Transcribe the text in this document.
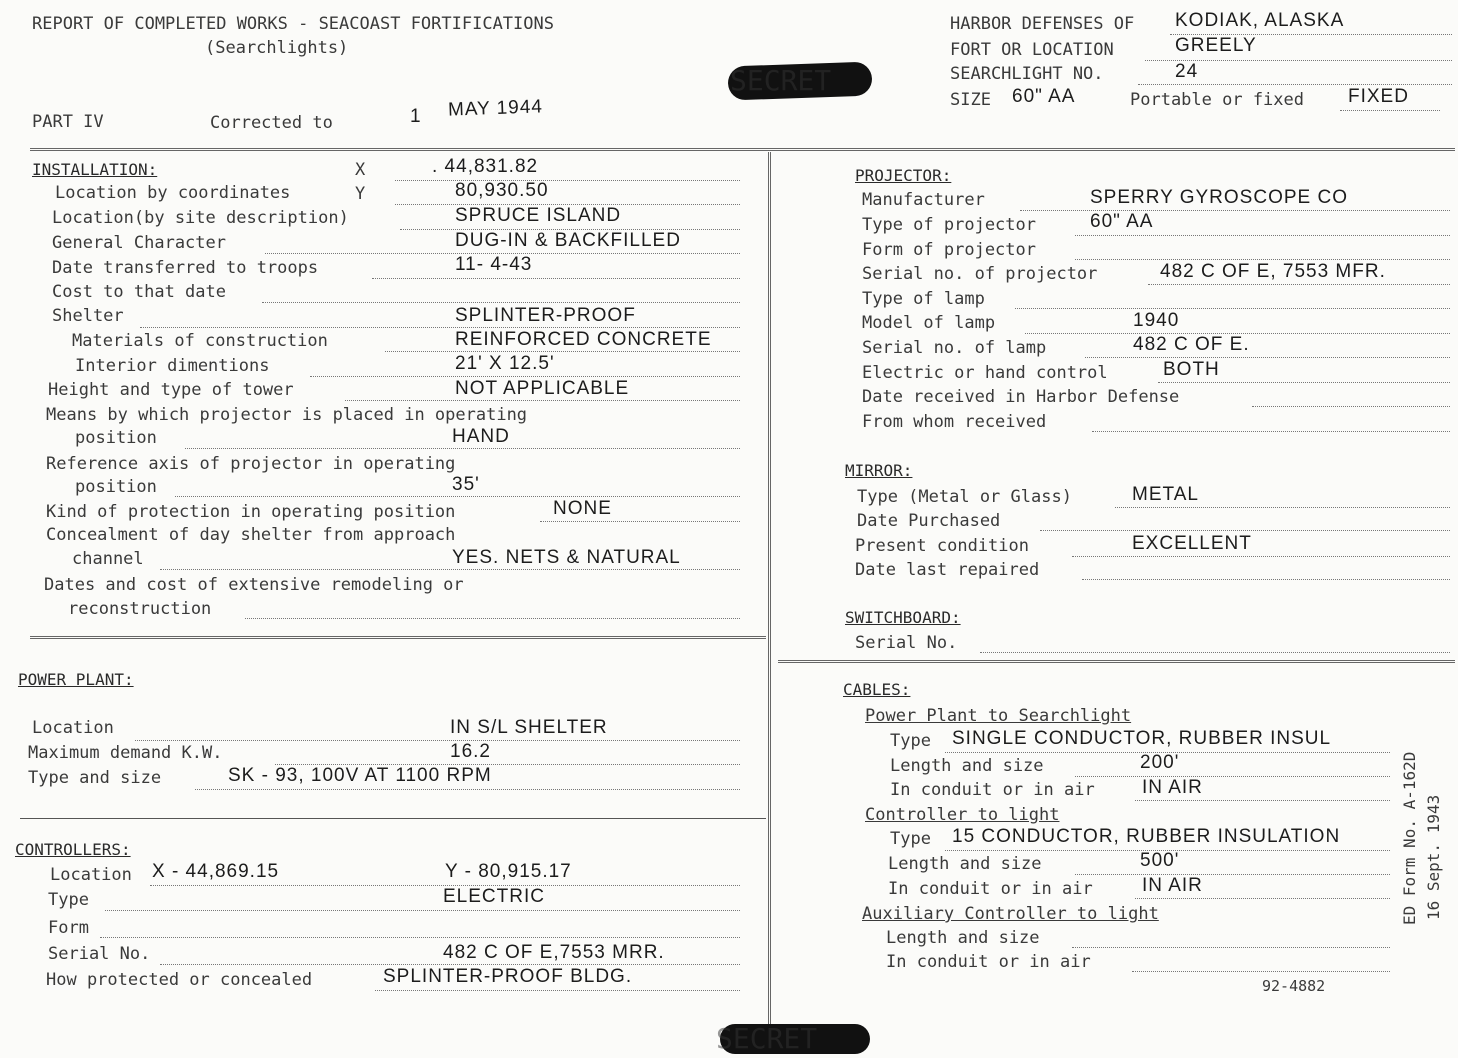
REPORT OF COMPLETED WORKS - SEACOAST FORTIFICATIONS
(Searchlights)
PART IV	Corrected to	1 MAY 1944
SECRET
HARBOR DEFENSES OF KODIAK, ALASKA
FORT OR LOCATION	GREELY
SEARCHLIGHT NO.	24
SIZE 60" AA	Portable or fixed FIXED
INSTALLATION:	X	. 44,831.82
Location by coordinates	Y	80,930.50
Location(by site description)	SPRUCE ISLAND
General Character	DUG-IN & BACKFILLED
Date transferred to troops	11- 4-43
Cost to that date
Shelter	SPLINTER-PROOF
Materials of construction	REINFORCED CONCRETE
Interior dimentions	21' X 12.5'
Height and type of tower	NOT APPLICABLE
Means by which projector is placed in operating
position	HAND
Reference axis of projector in operating
position	35'
Kind of protection in operating position	NONE
Concealment of day shelter from approach
channel	YES. NETS & NATURAL
Dates and cost of extensive remodeling or
reconstruction
POWER PLANT:
Location	IN S/L SHELTER
Maximum demand K.W.	16.2
Type and size	SK - 93, 100V AT 1100 RPM
CONTROLLERS:
Location X - 44,869.15	Y - 80,915.17
Type	ELECTRIC
Form
Serial No.	482 C OF E,7553 MRR.
How protected or concealed	SPLINTER-PROOF BLDG.
SECRET
PROJECTOR:
Manufacturer	SPERRY GYROSCOPE CO
Type of projector	60" AA
Form of projector
Serial no. of projector	482 C OF E, 7553 MFR.
Type of lamp
Model of lamp	1940
Serial no. of lamp	482 C OF E.
Electric or hand control	BOTH
Date received in Harbor Defense
From whom received
MIRROR:
Type (Metal or Glass)	METAL
Date Purchased
Present condition	EXCELLENT
Date last repaired
SWITCHBOARD:
Serial No.
CABLES:
Power Plant to Searchlight
Type SINGLE CONDUCTOR, RUBBER INSUL
Length and size	200'
In conduit or in air IN AIR
Controller to light
Type 15 CONDUCTOR, RUBBER INSULATION
Length and size	500'
In conduit or in air	IN AIR
Auxiliary Controller to light
Length and size
In conduit or in air
ED Form No. A-162D 16 Sept. 1943
92-4882
